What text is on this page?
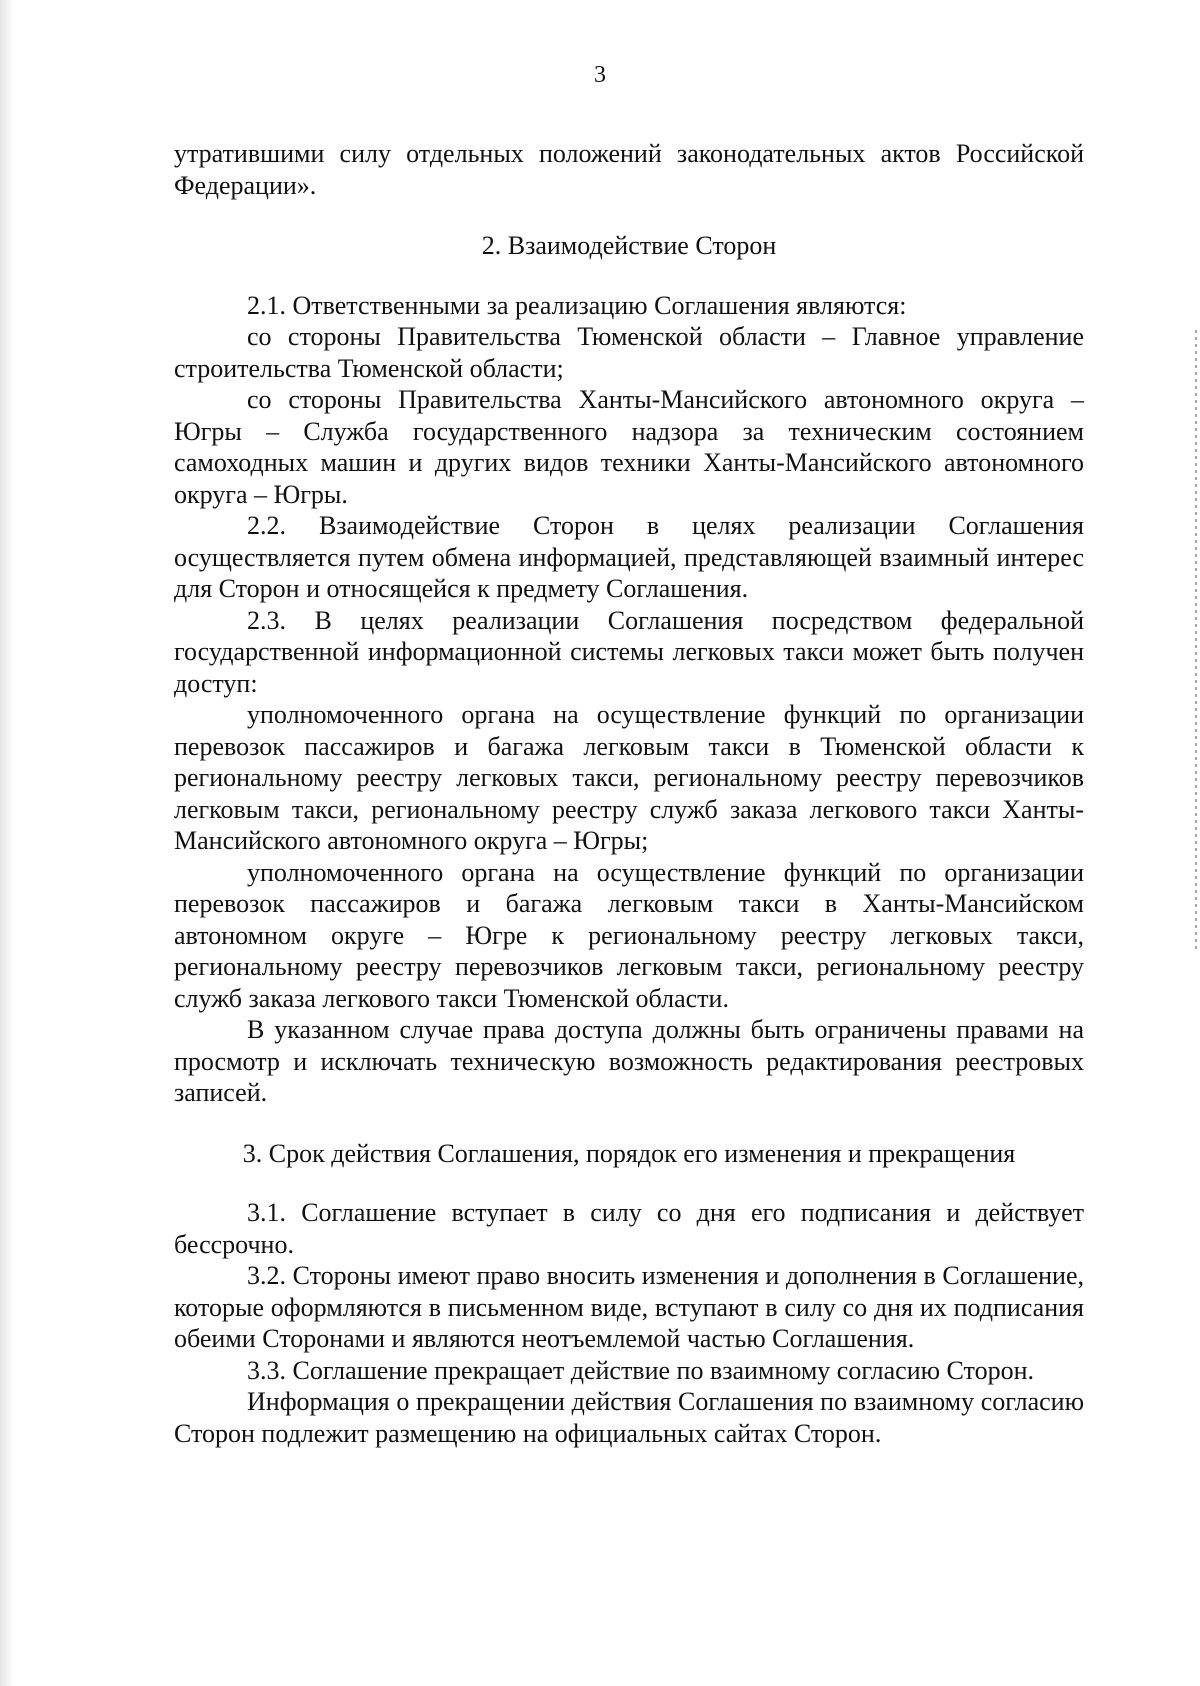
3

утратившими силу отдельных положений законодательных актов Российской Федерации».

2. Взаимодействие Сторон

2.1. Ответственными за реализацию Соглашения являются:

со стороны Правительства Тюменской области – Главное управление строительства Тюменской области;

со стороны Правительства Ханты-Мансийского автономного округа – Югры – Служба государственного надзора за техническим состоянием самоходных машин и других видов техники Ханты-Мансийского автономного округа – Югры.

2.2. Взаимодействие Сторон в целях реализации Соглашения осуществляется путем обмена информацией, представляющей взаимный интерес для Сторон и относящейся к предмету Соглашения.

2.3. В целях реализации Соглашения посредством федеральной государственной информационной системы легковых такси может быть получен доступ:

уполномоченного органа на осуществление функций по организации перевозок пассажиров и багажа легковым такси в Тюменской области к региональному реестру легковых такси, региональному реестру перевозчиков легковым такси, региональному реестру служб заказа легкового такси Ханты-Мансийского автономного округа – Югры;

уполномоченного органа на осуществление функций по организации перевозок пассажиров и багажа легковым такси в Ханты-Мансийском автономном округе – Югре к региональному реестру легковых такси, региональному реестру перевозчиков легковым такси, региональному реестру служб заказа легкового такси Тюменской области.

В указанном случае права доступа должны быть ограничены правами на просмотр и исключать техническую возможность редактирования реестровых записей.

3. Срок действия Соглашения, порядок его изменения и прекращения

3.1. Соглашение вступает в силу со дня его подписания и действует бессрочно.

3.2. Стороны имеют право вносить изменения и дополнения в Соглашение, которые оформляются в письменном виде, вступают в силу со дня их подписания обеими Сторонами и являются неотъемлемой частью Соглашения.

3.3. Соглашение прекращает действие по взаимному согласию Сторон.

Информация о прекращении действия Соглашения по взаимному согласию Сторон подлежит размещению на официальных сайтах Сторон.
